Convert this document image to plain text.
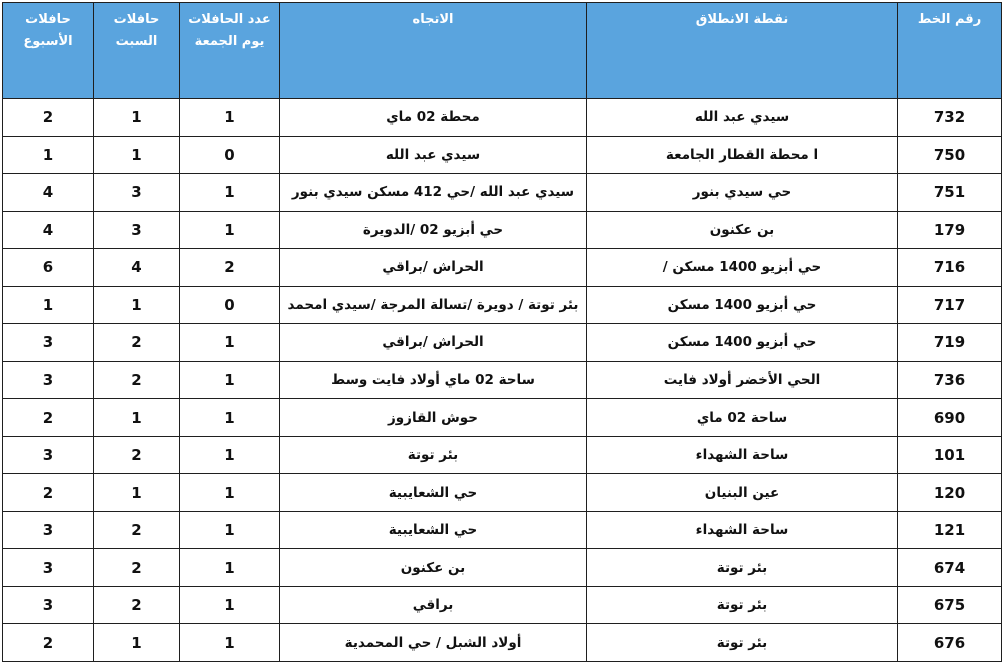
رقم الخط	نقطة الانطلاق	الاتجاه	عدد الحافلات يوم الجمعة	حافلات السبت	حافلات الأسبوع
732	سيدي عبد الله	محطة 02 ماي	1	1	2
750	ا محطة القطار الجامعة	سيدي عبد الله	0	1	1
751	حي سيدي بنور	سيدي عبد الله /حي 412 مسكن سيدي بنور	1	3	4
179	بن عكنون	حي أبزيو 02 /الدويرة	1	3	4
716	حي أبزيو 1400 مسكن /	الحراش /براقي	2	4	6
717	حي أبزيو 1400 مسكن	بئر توتة / دويرة /تسالة المرجة /سيدي امحمد	0	1	1
719	حي أبزيو 1400 مسكن	الحراش /براقي	1	2	3
736	الحي الأخضر أولاد فايت	ساحة 02 ماي أولاد فايت وسط	1	2	3
690	ساحة 02 ماي	حوش القازوز	1	1	2
101	ساحة الشهداء	بئر توتة	1	2	3
120	عين البنيان	حي الشعايبية	1	1	2
121	ساحة الشهداء	حي الشعايبية	1	2	3
674	بئر توتة	بن عكنون	1	2	3
675	بئر توتة	براقي	1	2	3
676	بئر توتة	أولاد الشبل / حي المحمدية	1	1	2
